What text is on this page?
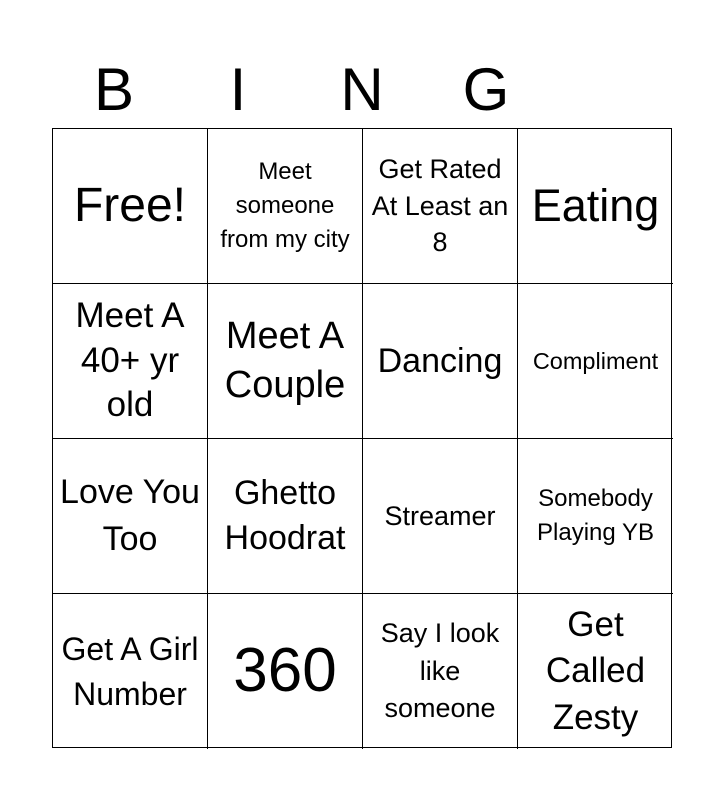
B	I	N	G
Free!
Meet someone from my city
Get Rated At Least an 8
Eating
Meet A 40+ yr old
Meet A Couple
Dancing Compliment
Love You Too
Ghetto Hoodrat
Streamer
Somebody Playing YB
Get A Girl Number 360
Say I look like someone
Get Called Zesty
